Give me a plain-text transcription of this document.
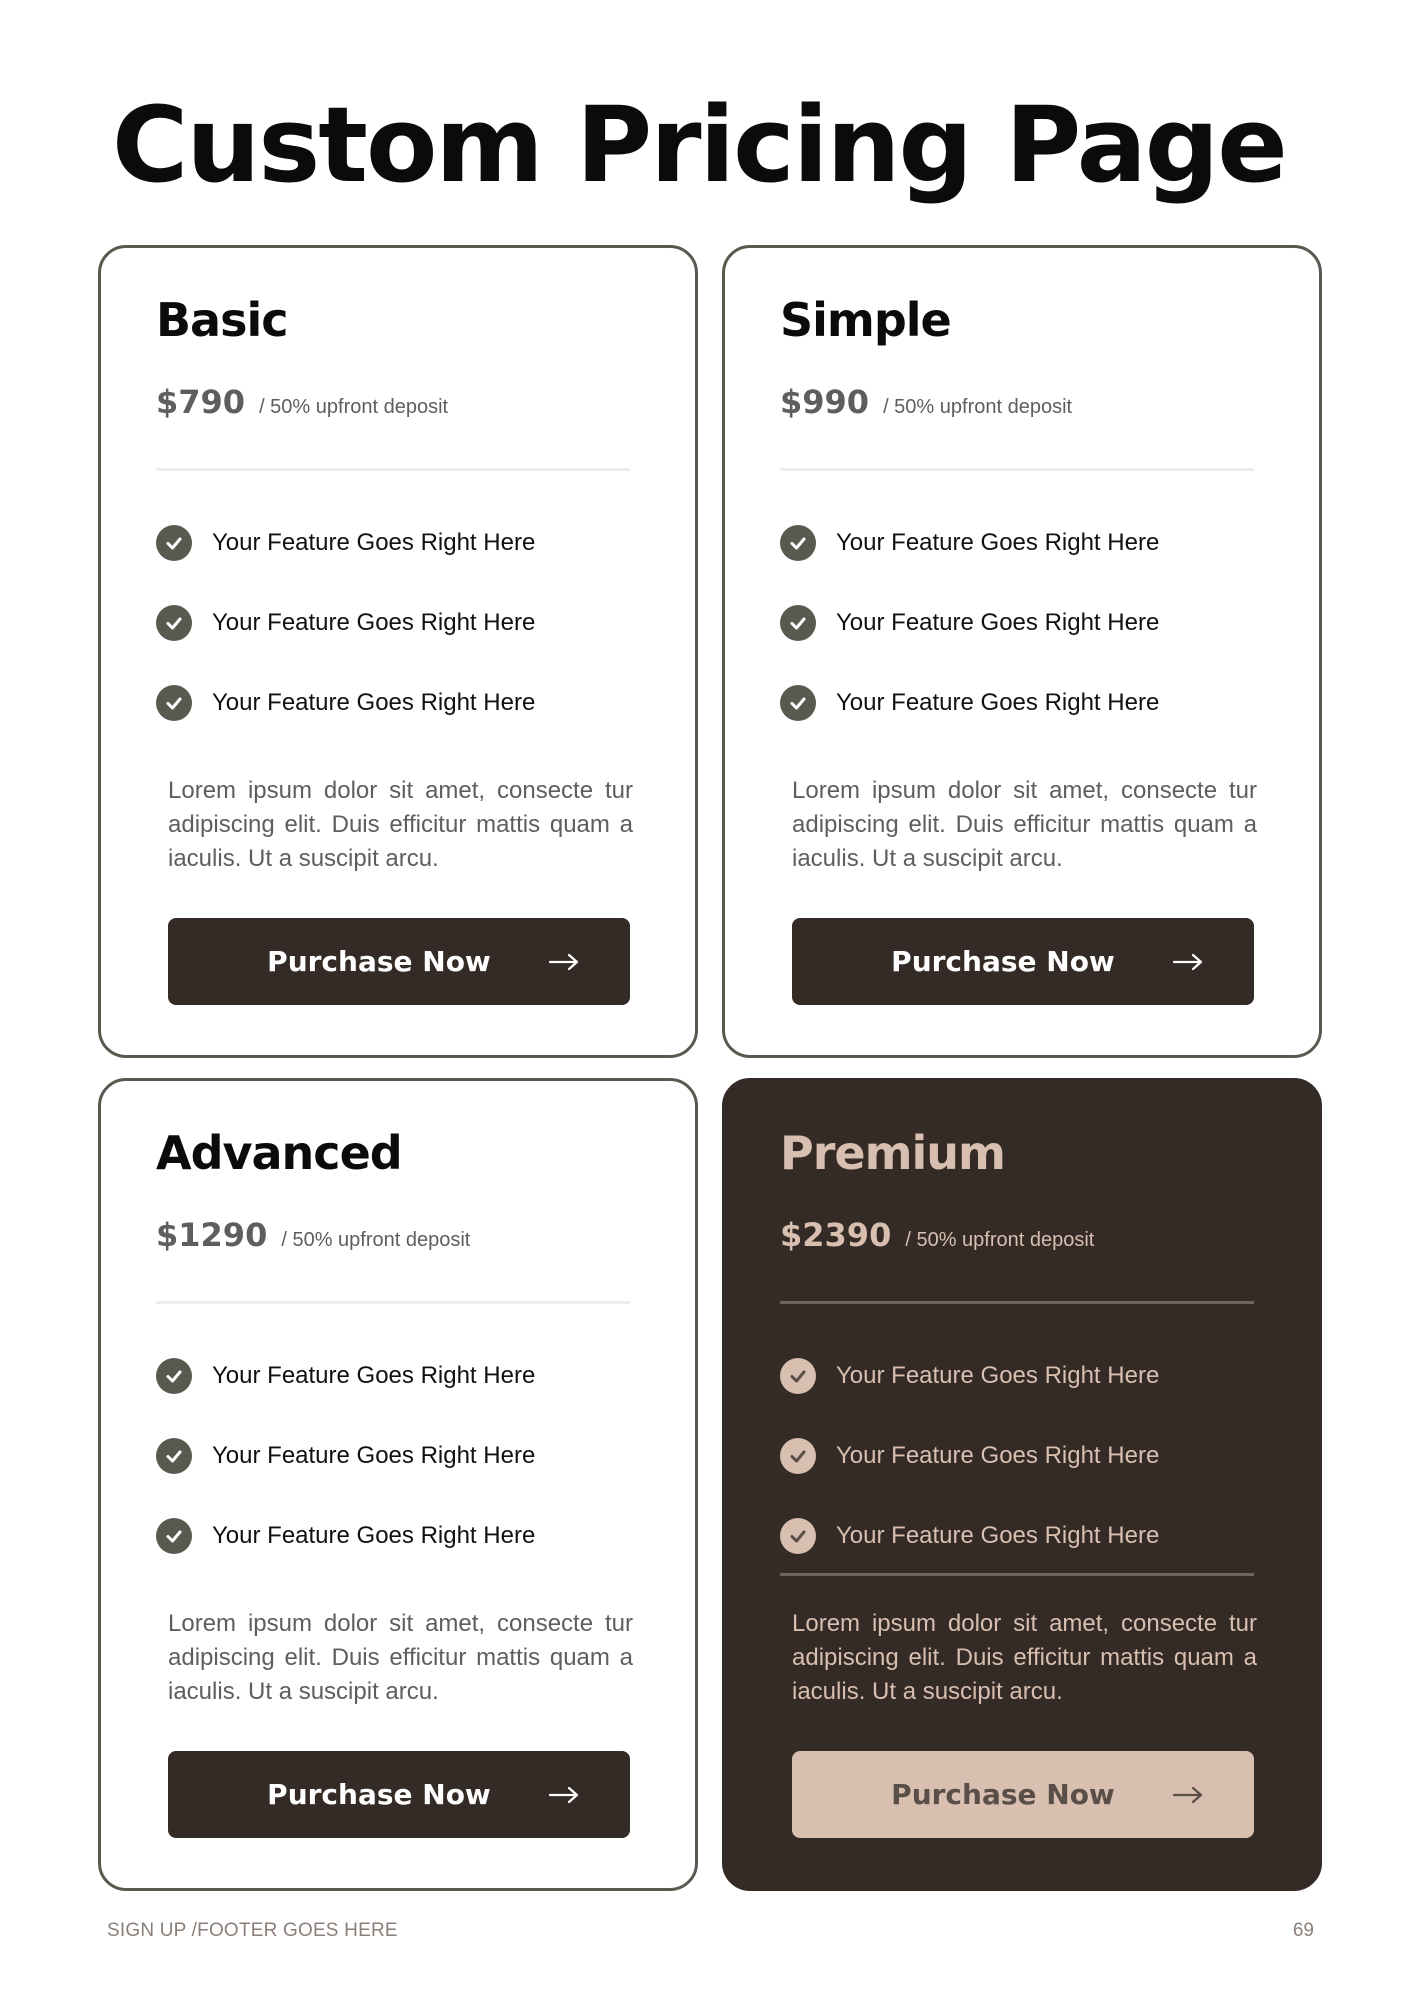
Custom Pricing Page
Basic
$790 / 50% upfront deposit
Your Feature Goes Right Here
Your Feature Goes Right Here
Your Feature Goes Right Here

Lorem ipsum dolor sit amet, consecte tur adipiscing elit. Duis efficitur mattis quam a iaculis. Ut a suscipit arcu.

Purchase Now
Simple
$990 / 50% upfront deposit
Your Feature Goes Right Here
Your Feature Goes Right Here
Your Feature Goes Right Here

Lorem ipsum dolor sit amet, consecte tur adipiscing elit. Duis efficitur mattis quam a iaculis. Ut a suscipit arcu.

Purchase Now
Advanced
$1290 / 50% upfront deposit
Your Feature Goes Right Here
Your Feature Goes Right Here
Your Feature Goes Right Here

Lorem ipsum dolor sit amet, consecte tur adipiscing elit. Duis efficitur mattis quam a iaculis. Ut a suscipit arcu.

Purchase Now
Premium
$2390 / 50% upfront deposit
Your Feature Goes Right Here
Your Feature Goes Right Here
Your Feature Goes Right Here

Lorem ipsum dolor sit amet, consecte tur adipiscing elit. Duis efficitur mattis quam a iaculis. Ut a suscipit arcu.

Purchase Now
SIGN UP /FOOTER GOES HERE	69
